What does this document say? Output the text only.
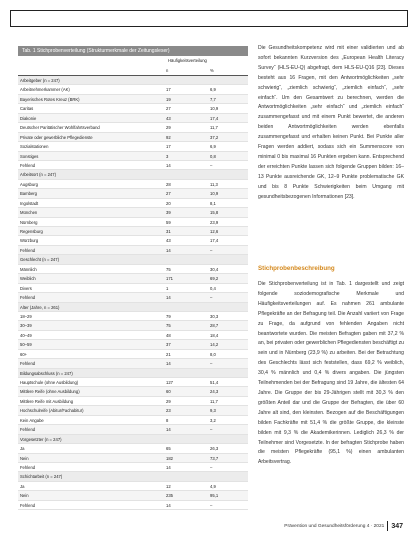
Tab. 1 Stichprobenverteilung (Strukturmerkmale der Zeitungsleser)
Häufigkeitsverteilung
n	%
Arbeitgeber (n = 247)
Arbeitnehmerkammer (AK)	17	6,9
Bayerisches Rotes Kreuz (BRK)	19	7,7
Caritas	27	10,9
Diakonie	43	17,4
Deutscher Paritätischer Wohlfahrtsverband	29	11,7
Private oder gewerbliche Pflegedienste	92	37,2
Sozialstationen	17	6,9
Sonstiges	3	0,8
Fehlend	14	–
Arbeitsort (n = 247)
Augsburg	28	11,3
Bamberg	27	10,9
Ingolstadt	20	8,1
München	39	15,8
Nürnberg	59	23,9
Regensburg	31	12,6
Würzburg	43	17,4
Fehlend	14	–
Geschlecht (n = 247)
Männlich	75	30,4
Weiblich	171	69,2
Divers	1	0,4
Fehlend	14	–
Alter (Jahre, n = 261)
18–29	79	30,3
30–39	75	28,7
40–49	48	18,4
50–59	37	14,2
60+	21	8,0
Fehlend	14	–
Bildungsabschluss (n = 247)
Hauptschule (ohne Ausbildung)	127	51,4
Mittlere Reife (ohne Ausbildung)	60	24,3
Mittlere Reife mit Ausbildung	29	11,7
Hochschulreife (Abitur/Fachabitur)	23	9,3
Kein Angabe	8	3,2
Fehlend	14	–
Vorgesetzter (n = 247)
Ja	65	26,3
Nein	182	73,7
Fehlend	14	–
Schichtarbeit (n = 247)
Ja	12	4,9
Nein	235	95,1
Fehlend	14	–

Die Gesundheitskompetenz wird mit einer validierten und ab sofort bekannten Kurzversion des „European Health Literacy Survey“ (HLS-EU-Q) abgefragt, dem HLS-EU-Q16 [23]. Dieses besteht aus 16 Fragen, mit den Antwortmöglichkeiten „sehr schwierig“, „ziemlich schwierig“, „ziemlich einfach“, „sehr einfach“. Um den Gesamtwert zu berechnen, werden die Antwortmöglichkeiten „sehr einfach“ und „ziemlich einfach“ zusammengefasst und mit einem Punkt bewertet, die anderen beiden Antwortmöglichkeiten werden ebenfalls zusammengefasst und erhalten keinen Punkt. Bei Punkte aller Fragen werden addiert, sodass sich ein Summenscore von minimal 0 bis maximal 16 Punkten ergeben kann. Entsprechend der erreichten Punkte lassen sich folgende Gruppen bilden: 16–13 Punkte ausreichende GK, 12–9 Punkte problematische GK und bis 8 Punkte Schwierigkeiten beim Umgang mit gesundheitsbezogenen Informationen [23].

Stichprobenbeschreibung

Die Stichprobenverteilung ist in Tab. 1 dargestellt und zeigt folgende soziodemografische Merkmale und Häufigkeitsverteilungen auf. Es nahmen 261 ambulante Pflegekräfte an der Befragung teil. Die Anzahl variiert von Frage zu Frage, da aufgrund von fehlenden Angaben nicht beantwortete wurden. Die meisten Befragten gaben mit 37,2 % an, bei privaten oder gewerblichen Pflegediensten beschäftigt zu sein und in Nürnberg (23,9 %) zu arbeiten. Bei der Betrachtung des Geschlechts lässt sich feststellen, dass 69,2 % weiblich, 30,4 % männlich und 0,4 % divers angaben. Die jüngsten Teilnehmenden bei der Befragung sind 19 Jahre, die ältesten 64 Jahre. Die Gruppe der bis 29-Jährigen stellt mit 30,3 % den größten Anteil dar und die Gruppe der Befragten, die über 60 Jahre alt sind, den kleinsten. Bezogen auf die Beschäftigungen bilden Fachkräfte mit 51,4 % die größte Gruppe, die kleinste bilden mit 9,3 % die Akademikerinnen. Lediglich 26,3 % der Teilnehmer sind Vorgesetzte. In der befragten Stichprobe haben die meisten Pflegekräfte (95,1 %) einen ambulanten Arbeitsvertrag.

Prävention und Gesundheitsförderung 4 · 2021 347
